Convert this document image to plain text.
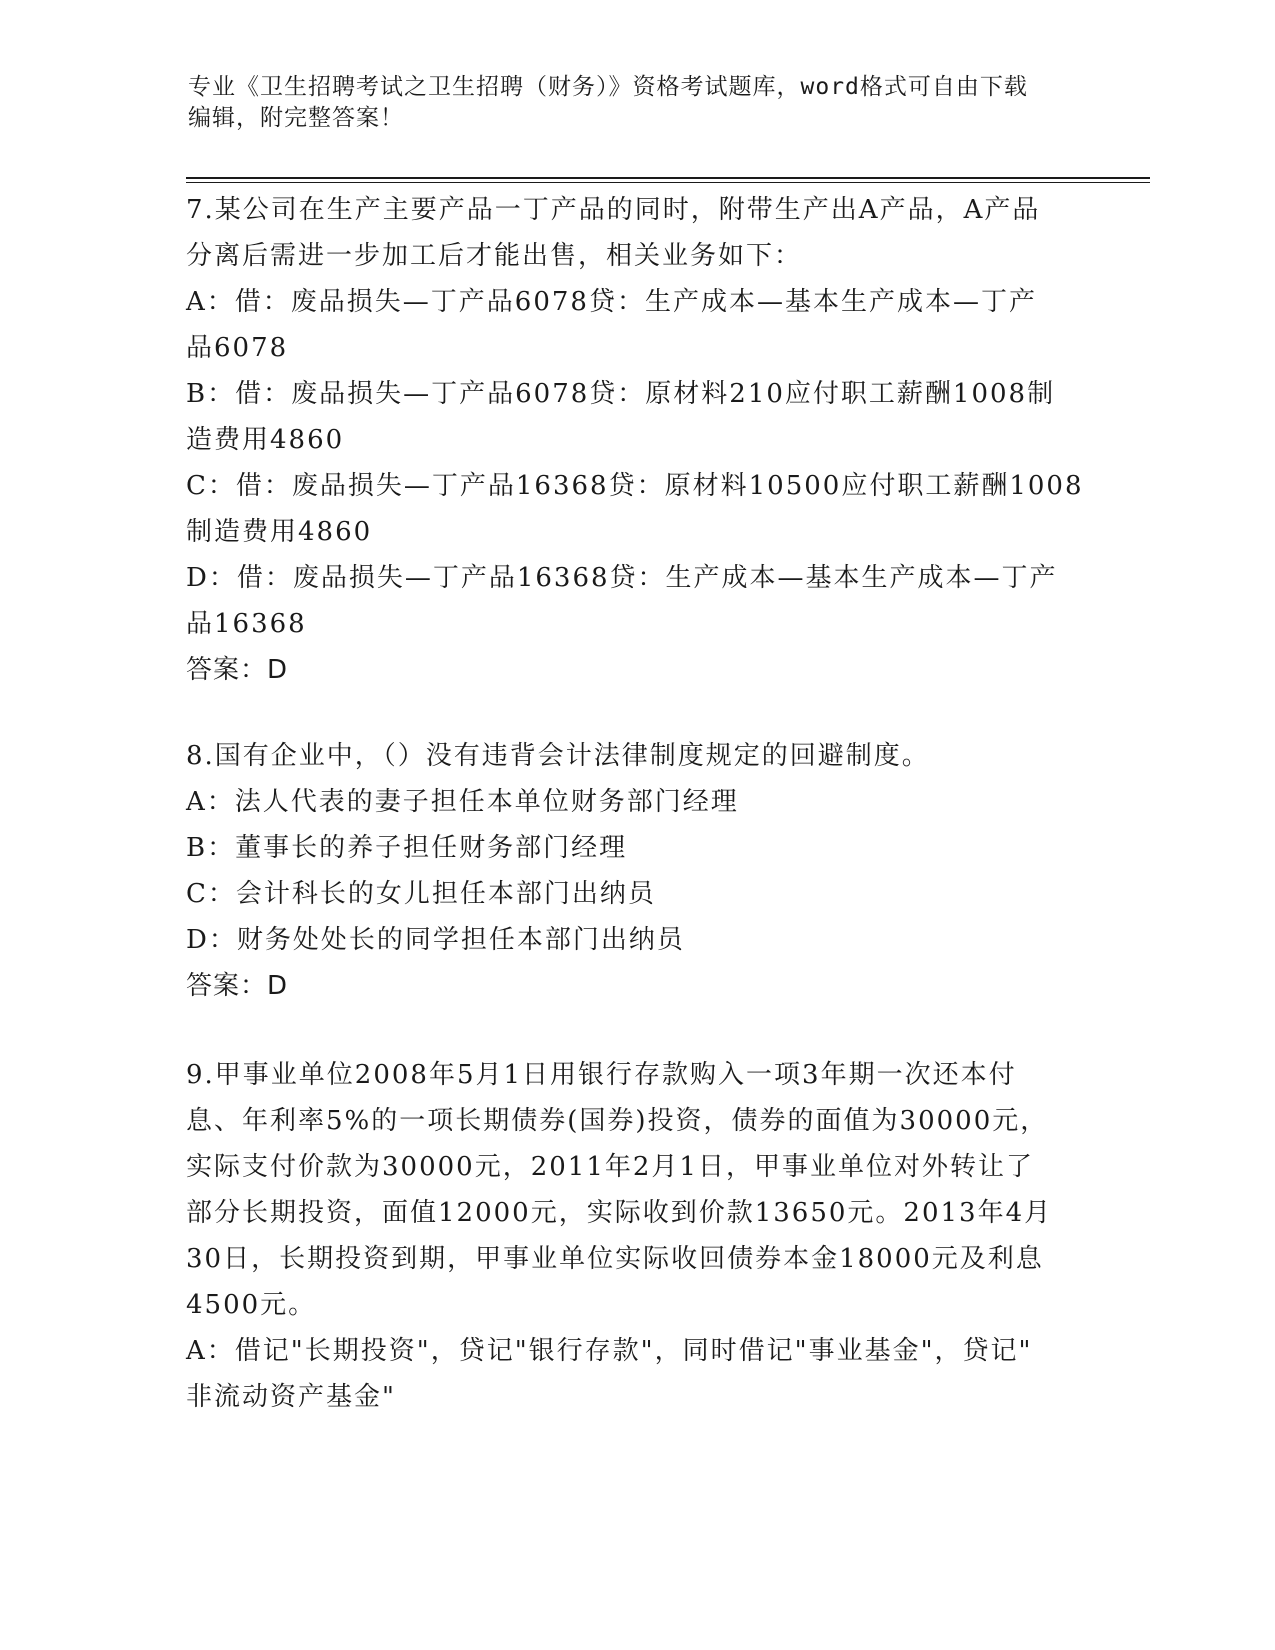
专业《卫生招聘考试之卫生招聘（财务）》资格考试题库，word格式可自由下载
编辑，附完整答案！
7.某公司在生产主要产品一丁产品的同时，附带生产出A产品，A产品
分离后需进一步加工后才能出售，相关业务如下：
A：借：废品损失—丁产品6078贷：生产成本—基本生产成本—丁产
品6078
B：借：废品损失—丁产品6078贷：原材料210应付职工薪酬1008制
造费用4860
C：借：废品损失—丁产品16368贷：原材料10500应付职工薪酬1008
制造费用4860
D：借：废品损失—丁产品16368贷：生产成本—基本生产成本—丁产
品16368
答案：D
8.国有企业中，（）没有违背会计法律制度规定的回避制度。
A：法人代表的妻子担任本单位财务部门经理
B：董事长的养子担任财务部门经理
C：会计科长的女儿担任本部门出纳员
D：财务处处长的同学担任本部门出纳员
答案：D
9.甲事业单位2008年5月1日用银行存款购入一项3年期一次还本付
息、年利率5%的一项长期债券(国券)投资，债券的面值为30000元，
实际支付价款为30000元，2011年2月1日，甲事业单位对外转让了
部分长期投资，面值12000元，实际收到价款13650元。2013年4月
30日，长期投资到期，甲事业单位实际收回债券本金18000元及利息
4500元。
A：借记"长期投资"，贷记"银行存款"，同时借记"事业基金"，贷记"
非流动资产基金"
